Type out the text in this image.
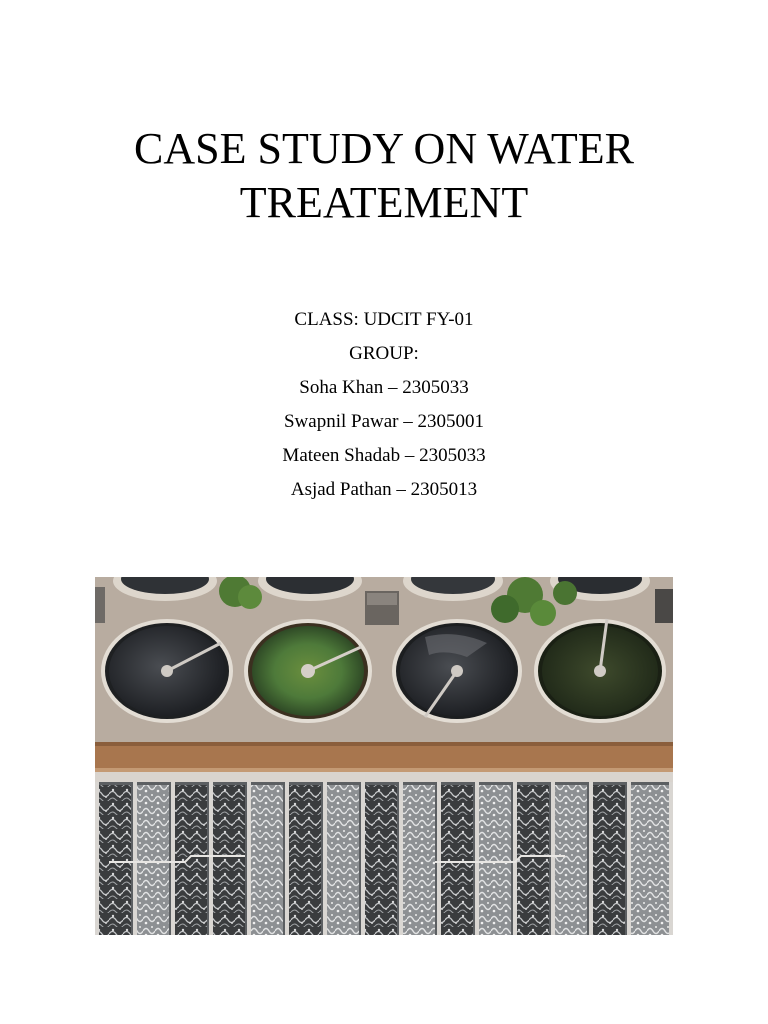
CASE STUDY ON WATER
TREATEMENT
CLASS: UDCIT FY-01
GROUP:
Soha Khan – 2305033
Swapnil Pawar – 2305001
Mateen Shadab – 2305033
Asjad Pathan – 2305013
